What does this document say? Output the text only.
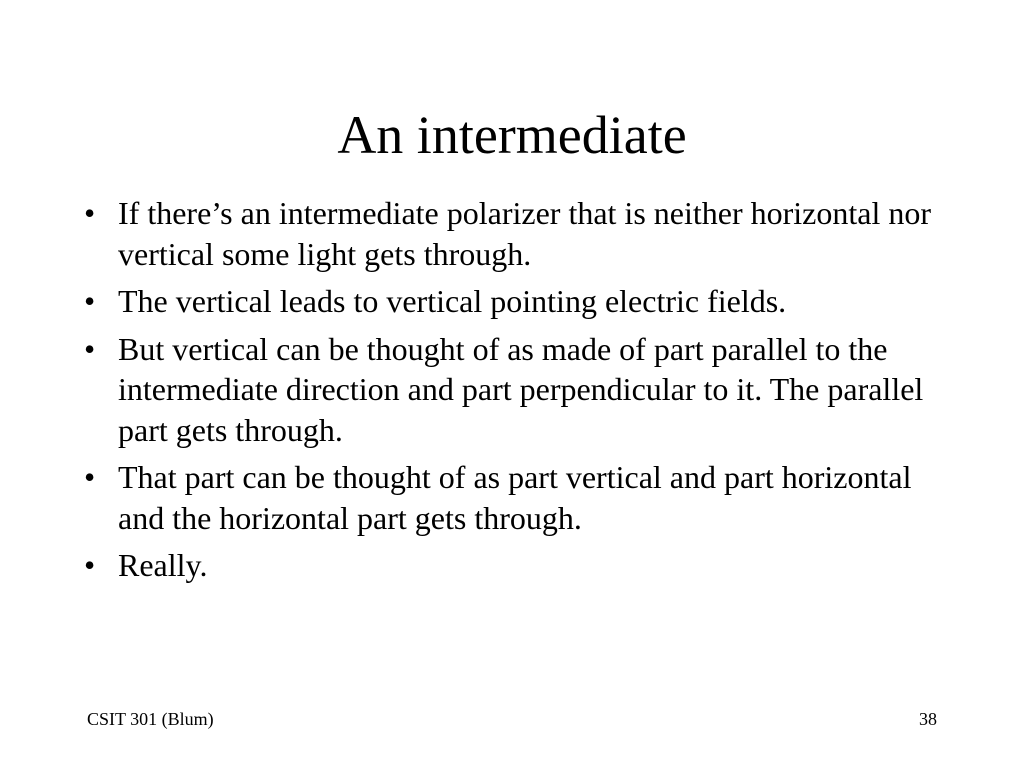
An intermediate
• If there’s an intermediate polarizer that is neither horizontal nor vertical some light gets through.
• The vertical leads to vertical pointing electric fields.
• But vertical can be thought of as made of part parallel to the intermediate direction and part perpendicular to it. The parallel part gets through.
• That part can be thought of as part vertical and part horizontal and the horizontal part gets through.
• Really.
CSIT 301 (Blum)	38
